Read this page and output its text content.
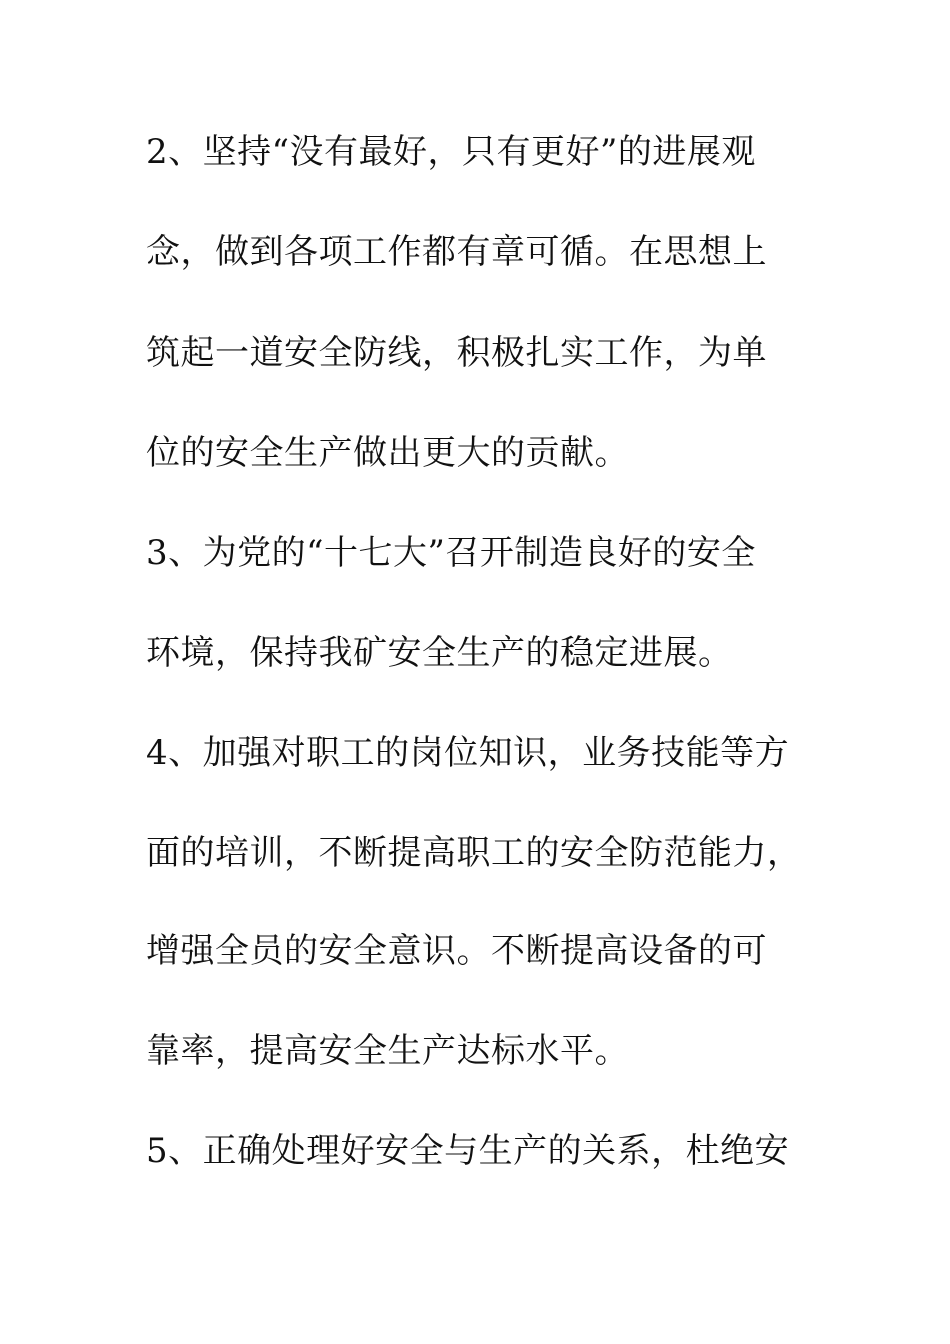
2、坚持“没有最好，只有更好”的进展观
念，做到各项工作都有章可循。在思想上
筑起一道安全防线，积极扎实工作，为单
位的安全生产做出更大的贡献。
3、为党的“十七大”召开制造良好的安全
环境，保持我矿安全生产的稳定进展。
4、加强对职工的岗位知识，业务技能等方
面的培训，不断提高职工的安全防范能力，
增强全员的安全意识。不断提高设备的可
靠率，提高安全生产达标水平。
5、正确处理好安全与生产的关系，杜绝安
